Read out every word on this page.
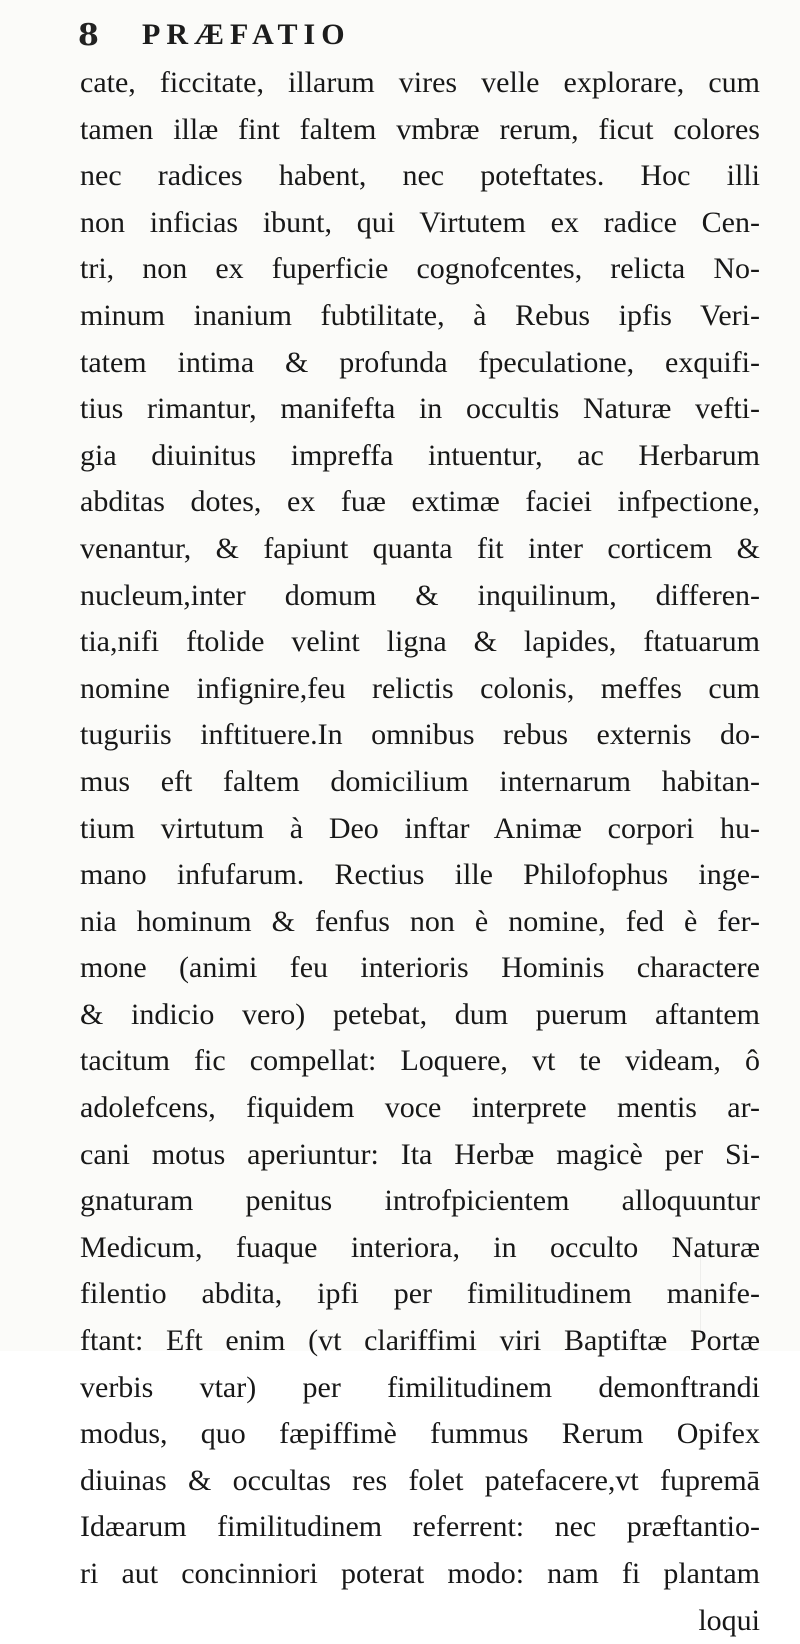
8 PRÆFATIO
cate, ficcitate, illarum vires velle explorare, cum
tamen illæ fint faltem vmbræ rerum, ficut colores
nec radices habent, nec poteftates. Hoc illi
non inficias ibunt, qui Virtutem ex radice Cen-
tri, non ex fuperficie cognofcentes, relicta No-
minum inanium fubtilitate, à Rebus ipfis Veri-
tatem intima & profunda fpeculatione, exquifi-
tius rimantur, manifefta in occultis Naturæ vefti-
gia diuinitus impreffa intuentur, ac Herbarum
abditas dotes, ex fuæ extimæ faciei infpectione,
venantur, & fapiunt quanta fit inter corticem &
nucleum,inter domum & inquilinum, differen-
tia,nifi ftolide velint ligna & lapides, ftatuarum
nomine infignire,feu relictis colonis, meffes cum
tuguriis inftituere.In omnibus rebus externis do-
mus eft faltem domicilium internarum habitan-
tium virtutum à Deo inftar Animæ corpori hu-
mano infufarum. Rectius ille Philofophus inge-
nia hominum & fenfus non è nomine, fed è fer-
mone (animi feu interioris Hominis charactere
& indicio vero) petebat, dum puerum aftantem
tacitum fic compellat: Loquere, vt te videam, ô
adolefcens, fiquidem voce interprete mentis ar-
cani motus aperiuntur: Ita Herbæ magicè per Si-
gnaturam penitus introfpicientem alloquuntur
Medicum, fuaque interiora, in occulto Naturæ
filentio abdita, ipfi per fimilitudinem manife-
ftant: Eft enim (vt clariffimi viri Baptiftæ Portæ
verbis vtar) per fimilitudinem demonftrandi
modus, quo fæpiffimè fummus Rerum Opifex
diuinas & occultas res folet patefacere,vt fupremā
Idæarum fimilitudinem referrent: nec præftantio-
ri aut concinniori poterat modo: nam fi plantam
loqui
